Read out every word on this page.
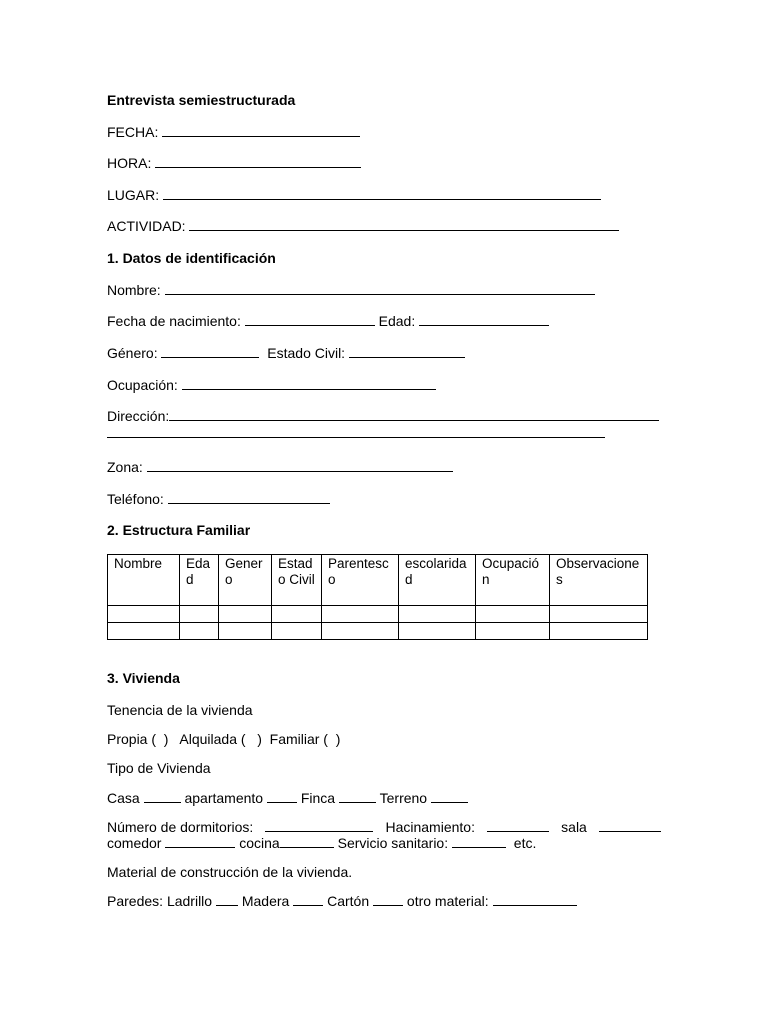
Entrevista semiestructurada
FECHA:
HORA:
LUGAR:
ACTIVIDAD:
1. Datos de identificación
Nombre:
Fecha de nacimiento:	Edad:
Género:	Estado Civil:
Ocupación:
Dirección:
Zona:
Teléfono:
2. Estructura Familiar
Nombre	Edad	Genero	Estado Civil	Parentesco	escolaridad	Ocupación	Observaciones

3. Vivienda
Tenencia de la vivienda
Propia (  ) Alquilada (   ) Familiar (  )
Tipo de Vivienda
Casa	apartamento	Finca	Terreno
Número de dormitorios:	Hacinamiento:	sala
comedor	cocina	Servicio sanitario:	etc.
Material de construcción de la vivienda.
Paredes: Ladrillo Madera	Cartón	otro material:
